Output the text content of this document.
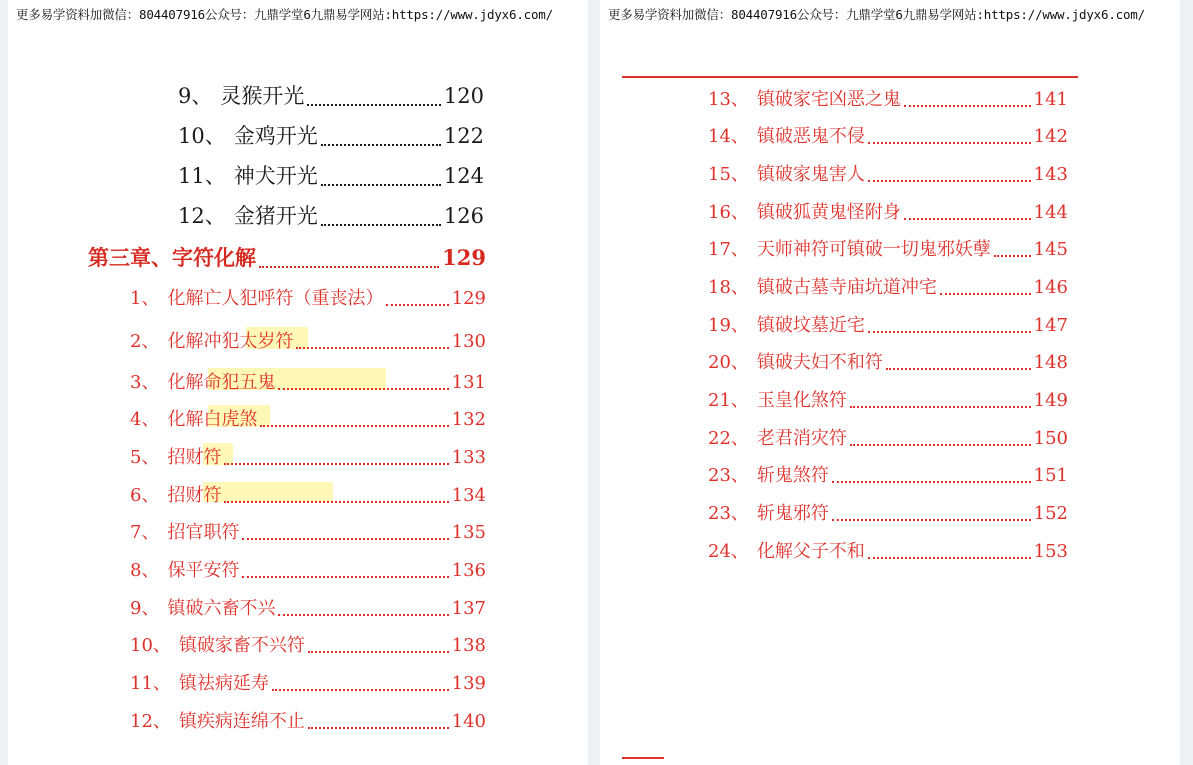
更多易学资料加微信：804407916公众号：九鼎学堂6九鼎易学网站:https://www.jdyx6.com/
9、 灵猴开光	120
10、 金鸡开光	122
11、 神犬开光	124
12、 金猪开光	126
第三章、字符化解	129
1、 化解亡人犯呼符（重丧法）	129
2、 化解冲犯太岁符	130
3、 化解命犯五鬼	131
4、 化解白虎煞	132
5、 招财符	133
6、 招财符	134
7、 招官职符	135
8、 保平安符	136
9、 镇破六畜不兴	137
10、 镇破家畜不兴符	138
11、 镇祛病延寿	139
12、 镇疾病连绵不止	140
更多易学资料加微信：804407916公众号：九鼎学堂6九鼎易学网站:https://www.jdyx6.com/
13、 镇破家宅凶恶之鬼	141
14、 镇破恶鬼不侵	142
15、 镇破家鬼害人	143
16、 镇破狐黄鬼怪附身	144
17、 天师神符可镇破一切鬼邪妖孽 145
18、 镇破古墓寺庙坑道冲宅	146
19、 镇破坟墓近宅	147
20、 镇破夫妇不和符	148
21、 玉皇化煞符	149
22、 老君消灾符	150
23、 斩鬼煞符	151
23、 斩鬼邪符	152
24、 化解父子不和	153
